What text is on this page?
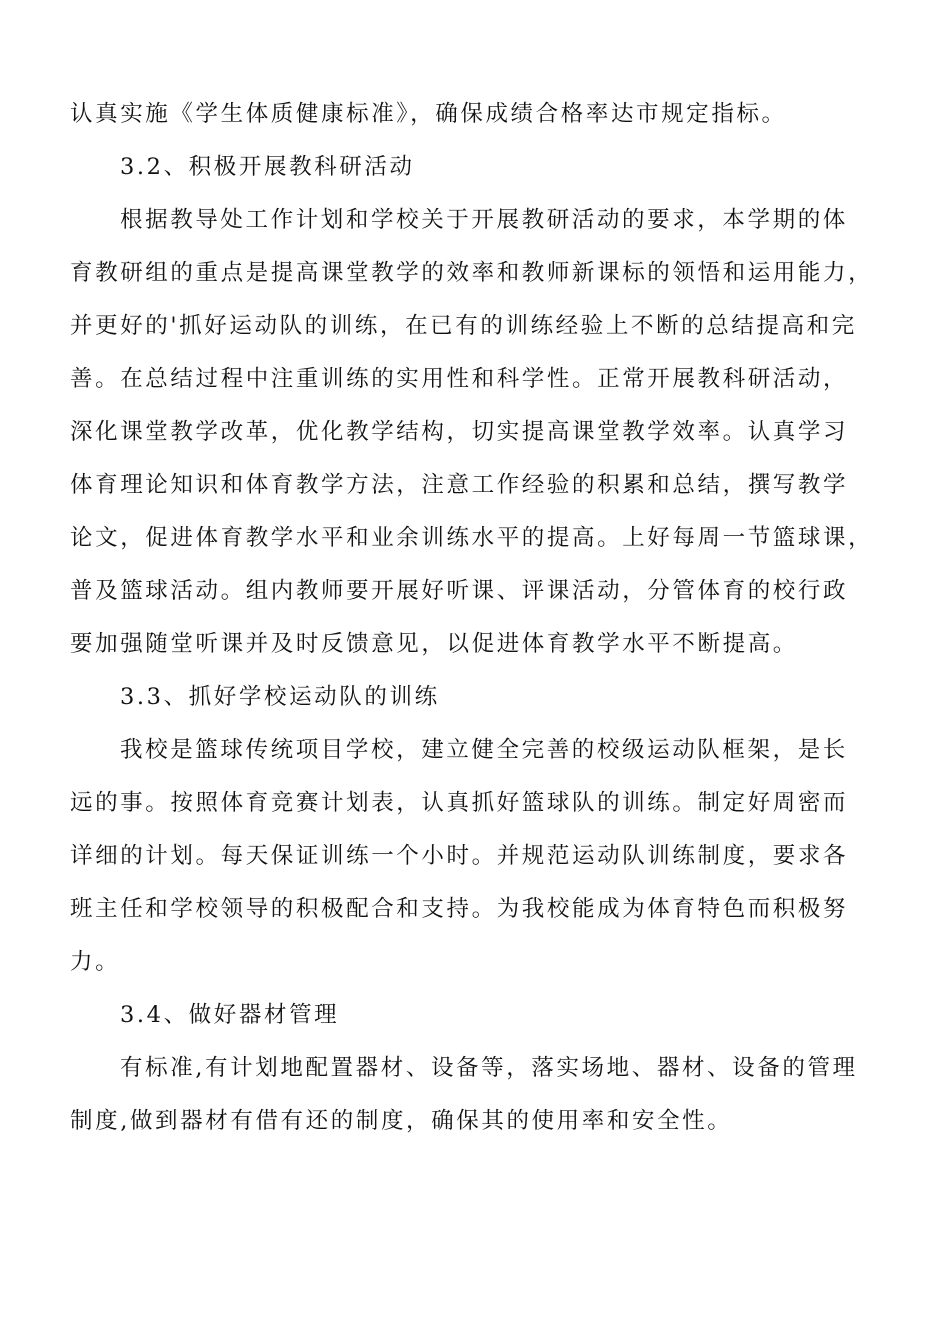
认真实施《学生体质健康标准》，确保成绩合格率达市规定指标。
3.2、积极开展教科研活动
根据教导处工作计划和学校关于开展教研活动的要求，本学期的体
育教研组的重点是提高课堂教学的效率和教师新课标的领悟和运用能力，
并更好的'抓好运动队的训练，在已有的训练经验上不断的总结提高和完
善。在总结过程中注重训练的实用性和科学性。正常开展教科研活动，
深化课堂教学改革，优化教学结构，切实提高课堂教学效率。认真学习
体育理论知识和体育教学方法，注意工作经验的积累和总结，撰写教学
论文，促进体育教学水平和业余训练水平的提高。上好每周一节篮球课，
普及篮球活动。组内教师要开展好听课、评课活动，分管体育的校行政
要加强随堂听课并及时反馈意见，以促进体育教学水平不断提高。
3.3、抓好学校运动队的训练
我校是篮球传统项目学校，建立健全完善的校级运动队框架，是长
远的事。按照体育竞赛计划表，认真抓好篮球队的训练。制定好周密而
详细的计划。每天保证训练一个小时。并规范运动队训练制度，要求各
班主任和学校领导的积极配合和支持。为我校能成为体育特色而积极努
力。
3.4、做好器材管理
有标准,有计划地配置器材、设备等，落实场地、器材、设备的管理
制度,做到器材有借有还的制度，确保其的使用率和安全性。
